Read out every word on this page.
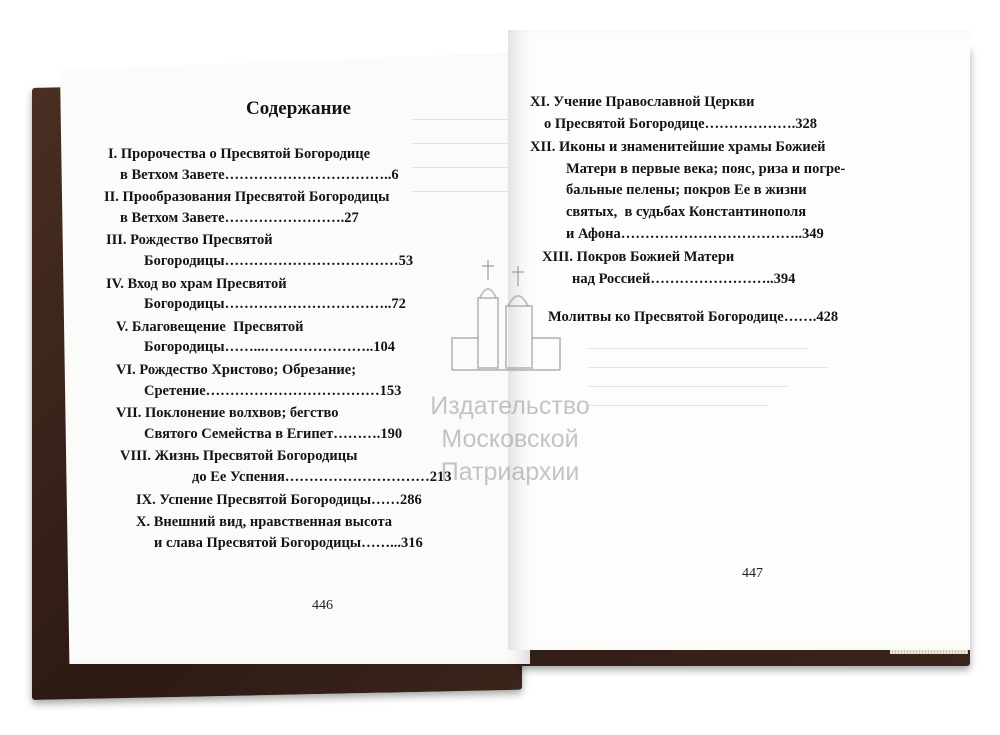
Содержание
I. Пророчества о Пресвятой Богородице
в Ветхом Завете……………………………..6
II. Прообразования Пресвятой Богородицы
в Ветхом Завете…………………….27
III. Рождество Пресвятой
Богородицы………………………………53
IV. Вход во храм Пресвятой
Богородицы……………………………..72
V. Благовещение  Пресвятой
Богородицы……...…………………..104
VI. Рождество Христово; Обрезание;
Сретение………………………………153
VII. Поклонение волхвов; бегство
Святого Семейства в Египет……….190
VIII. Жизнь Пресвятой Богородицы
до Ее Успения…………………………213
IX. Успение Пресвятой Богородицы……286
X. Внешний вид, нравственная высота
и слава Пресвятой Богородицы……...316
446
XI. Учение Православной Церкви
о Пресвятой Богородице……………….328
XII. Иконы и знаменитейшие храмы Божией
Матери в первые века; пояс, риза и погре-
бальные пелены; покров Ее в жизни
святых,  в судьбах Константинополя
и Афона………………………………..349
XIII. Покров Божией Матери
над Россией……………………..394
Молитвы ко Пресвятой Богородице…….428
447
Издательство
Московской
Патриархии
